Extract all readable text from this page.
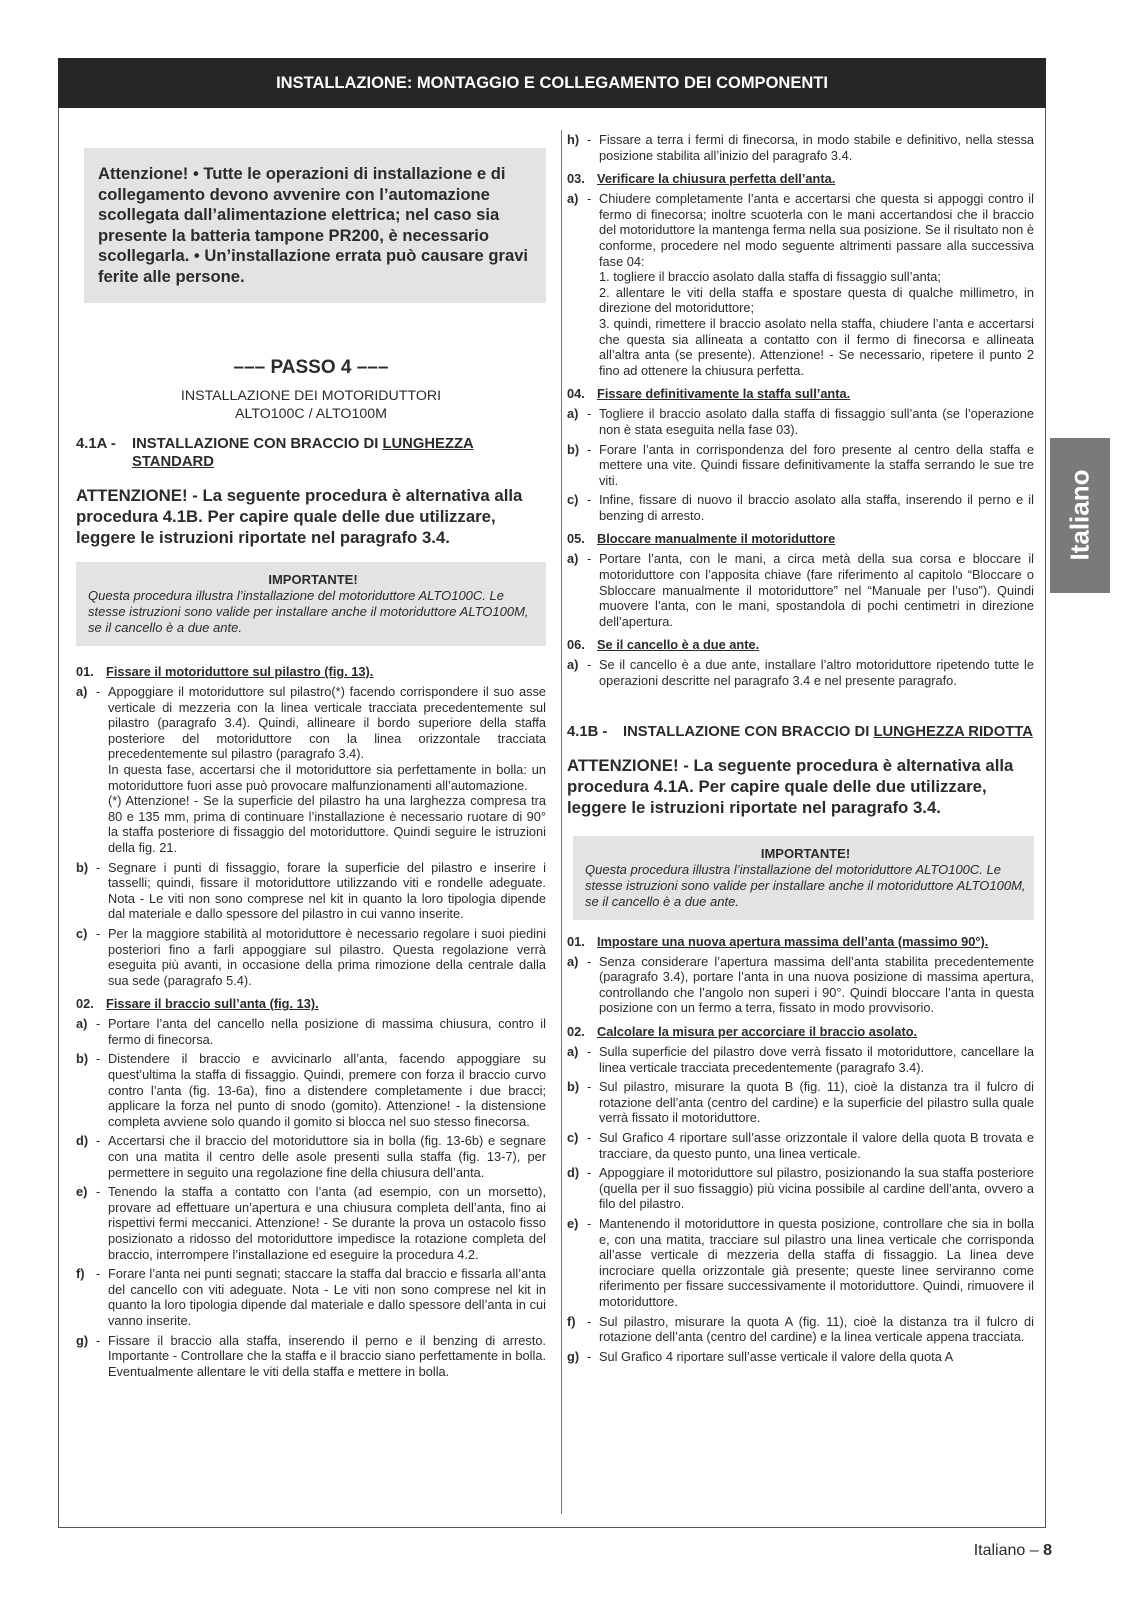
INSTALLAZIONE: MONTAGGIO E COLLEGAMENTO DEI COMPONENTI
Attenzione! • Tutte le operazioni di installazione e di collegamento devono avvenire con l’automazione scollegata dall’alimentazione elettrica; nel caso sia presente la batteria tampone PR200, è necessario scollegarla. • Un’installazione errata può causare gravi ferite alle persone.
––– PASSO 4 –––
INSTALLAZIONE DEI MOTORIDUTTORI
ALTO100C / ALTO100M
4.1A -	INSTALLAZIONE CON BRACCIO DI LUNGHEZZA STANDARD
ATTENZIONE! - La seguente procedura è alternativa alla procedura 4.1B. Per capire quale delle due utilizzare, leggere le istruzioni riportate nel paragrafo 3.4.
IMPORTANTE!
Questa procedura illustra l’installazione del motoriduttore ALTO100C. Le stesse istruzioni sono valide per installare anche il motoriduttore ALTO100M, se il cancello è a due ante.
01. Fissare il motoriduttore sul pilastro (fig. 13).
a) - Appoggiare il motoriduttore sul pilastro(*) facendo corrispondere il suo asse verticale di mezzeria con la linea verticale tracciata precedentemente sul pilastro (paragrafo 3.4). Quindi, allineare il bordo superiore della staffa posteriore del motoriduttore con la linea orizzontale tracciata precedentemente sul pilastro (paragrafo 3.4).

In questa fase, accertarsi che il motoriduttore sia perfettamente in bolla: un motoriduttore fuori asse può provocare malfunzionamenti all’automazione.

(*) Attenzione! - Se la superficie del pilastro ha una larghezza compresa tra 80 e 135 mm, prima di continuare l’installazione è necessario ruotare di 90° la staffa posteriore di fissaggio del motoriduttore. Quindi seguire le istruzioni della fig. 21.

b) - Segnare i punti di fissaggio, forare la superficie del pilastro e inserire i tasselli; quindi, fissare il motoriduttore utilizzando viti e rondelle adeguate. Nota - Le viti non sono comprese nel kit in quanto la loro tipologia dipende dal materiale e dallo spessore del pilastro in cui vanno inserite.

c) - Per la maggiore stabilità al motoriduttore è necessario regolare i suoi piedini posteriori fino a farli appoggiare sul pilastro. Questa regolazione verrà eseguita più avanti, in occasione della prima rimozione della centrale dalla sua sede (paragrafo 5.4).

02. Fissare il braccio sull’anta (fig. 13).
a) - Portare l’anta del cancello nella posizione di massima chiusura, contro il fermo di finecorsa.

b) - Distendere il braccio e avvicinarlo all’anta, facendo appoggiare su quest’ultima la staffa di fissaggio. Quindi, premere con forza il braccio curvo contro l’anta (fig. 13-6a), fino a distendere completamente i due bracci; applicare la forza nel punto di snodo (gomito). Attenzione! - la distensione completa avviene solo quando il gomito si blocca nel suo stesso finecorsa.

d) - Accertarsi che il braccio del motoriduttore sia in bolla (fig. 13-6b) e segnare con una matita il centro delle asole presenti sulla staffa (fig. 13-7), per permettere in seguito una regolazione fine della chiusura dell’anta.

e) - Tenendo la staffa a contatto con l’anta (ad esempio, con un morsetto), provare ad effettuare un’apertura e una chiusura completa dell’anta, fino ai rispettivi fermi meccanici. Attenzione! - Se durante la prova un ostacolo fisso posizionato a ridosso del motoriduttore impedisce la rotazione completa del braccio, interrompere l’installazione ed eseguire la procedura 4.2.

f) - Forare l’anta nei punti segnati; staccare la staffa dal braccio e fissarla all’anta del cancello con viti adeguate. Nota - Le viti non sono comprese nel kit in quanto la loro tipologia dipende dal materiale e dallo spessore dell’anta in cui vanno inserite.

g) - Fissare il braccio alla staffa, inserendo il perno e il benzing di arresto. Importante - Controllare che la staffa e il braccio siano perfettamente in bolla. Eventualmente allentare le viti della staffa e mettere in bolla.

h) - Fissare a terra i fermi di finecorsa, in modo stabile e definitivo, nella stessa posizione stabilita all’inizio del paragrafo 3.4.

03. Verificare la chiusura perfetta dell’anta.
a) - Chiudere completamente l’anta e accertarsi che questa si appoggi contro il fermo di finecorsa; inoltre scuoterla con le mani accertandosi che il braccio del motoriduttore la mantenga ferma nella sua posizione. Se il risultato non è conforme, procedere nel modo seguente altrimenti passare alla successiva fase 04:

1. togliere il braccio asolato dalla staffa di fissaggio sull’anta;

2. allentare le viti della staffa e spostare questa di qualche millimetro, in direzione del motoriduttore;

3. quindi, rimettere il braccio asolato nella staffa, chiudere l’anta e accertarsi che questa sia allineata a contatto con il fermo di finecorsa e allineata all’altra anta (se presente). Attenzione! - Se necessario, ripetere il punto 2 fino ad ottenere la chiusura perfetta.

04. Fissare definitivamente la staffa sull’anta.
a) - Togliere il braccio asolato dalla staffa di fissaggio sull’anta (se l’operazione non è stata eseguita nella fase 03).

b) - Forare l’anta in corrispondenza del foro presente al centro della staffa e mettere una vite. Quindi fissare definitivamente la staffa serrando le sue tre viti.

c) - Infine, fissare di nuovo il braccio asolato alla staffa, inserendo il perno e il benzing di arresto.

05. Bloccare manualmente il motoriduttore
a) - Portare l’anta, con le mani, a circa metà della sua corsa e bloccare il motoriduttore con l’apposita chiave (fare riferimento al capitolo “Bloccare o Sbloccare manualmente il motoriduttore” nel “Manuale per l’uso”). Quindi muovere l’anta, con le mani, spostandola di pochi centimetri in direzione dell’apertura.

06. Se il cancello è a due ante.
a) - Se il cancello è a due ante, installare l’altro motoriduttore ripetendo tutte le operazioni descritte nel paragrafo 3.4 e nel presente paragrafo.

4.1B -	INSTALLAZIONE CON BRACCIO DI LUNGHEZZA RIDOTTA
ATTENZIONE! - La seguente procedura è alternativa alla procedura 4.1A. Per capire quale delle due utilizzare, leggere le istruzioni riportate nel paragrafo 3.4.
IMPORTANTE!
Questa procedura illustra l’installazione del motoriduttore ALTO100C. Le stesse istruzioni sono valide per installare anche il motoriduttore ALTO100M, se il cancello è a due ante.
01. Impostare una nuova apertura massima dell’anta (massimo 90°).
a) - Senza considerare l’apertura massima dell’anta stabilita precedentemente (paragrafo 3.4), portare l’anta in una nuova posizione di massima apertura, controllando che l’angolo non superi i 90°. Quindi bloccare l’anta in questa posizione con un fermo a terra, fissato in modo provvisorio.

02. Calcolare la misura per accorciare il braccio asolato.
a) - Sulla superficie del pilastro dove verrà fissato il motoriduttore, cancellare la linea verticale tracciata precedentemente (paragrafo 3.4).

b) - Sul pilastro, misurare la quota B (fig. 11), cioè la distanza tra il fulcro di rotazione dell’anta (centro del cardine) e la superficie del pilastro sulla quale verrà fissato il motoriduttore.

c) - Sul Grafico 4 riportare sull’asse orizzontale il valore della quota B trovata e tracciare, da questo punto, una linea verticale.

d) - Appoggiare il motoriduttore sul pilastro, posizionando la sua staffa posteriore (quella per il suo fissaggio) più vicina possibile al cardine dell’anta, ovvero a filo del pilastro.

e) - Mantenendo il motoriduttore in questa posizione, controllare che sia in bolla e, con una matita, tracciare sul pilastro una linea verticale che corrisponda all’asse verticale di mezzeria della staffa di fissaggio. La linea deve incrociare quella orizzontale già presente; queste linee serviranno come riferimento per fissare successivamente il motoriduttore. Quindi, rimuovere il motoriduttore.

f) - Sul pilastro, misurare la quota A (fig. 11), cioè la distanza tra il fulcro di rotazione dell’anta (centro del cardine) e la linea verticale appena tracciata.

g) - Sul Grafico 4 riportare sull’asse verticale il valore della quota A

Italiano
Italiano – 8
